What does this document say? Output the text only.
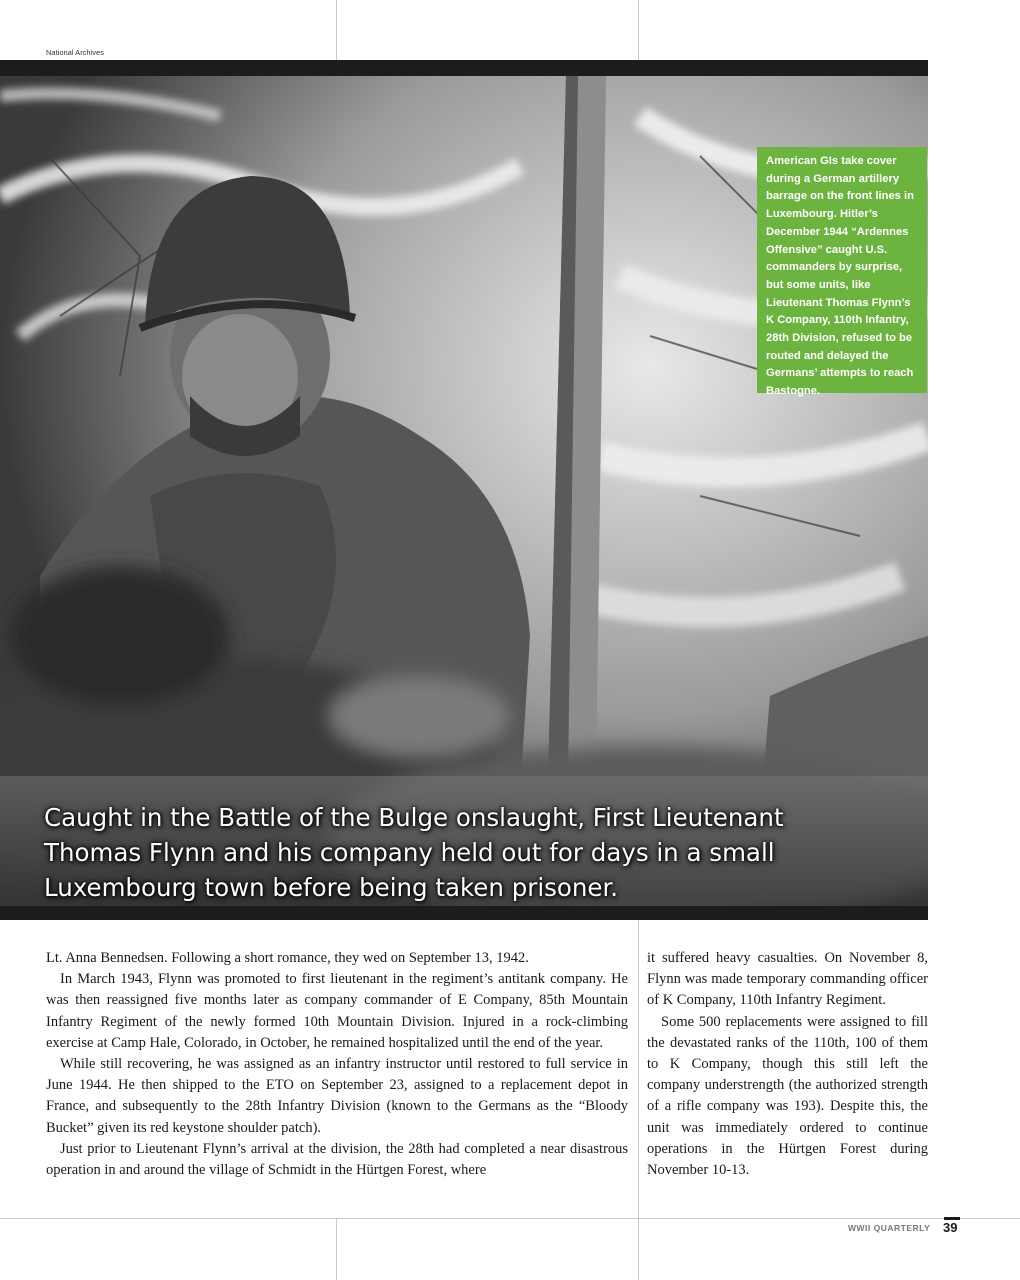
National Archives
American GIs take cover during a German artillery barrage on the front lines in Luxembourg. Hitler’s December 1944 “Ardennes Offensive” caught U.S. commanders by surprise, but some units, like Lieutenant Thomas Flynn’s K Company, 110th Infantry, 28th Division, refused to be routed and delayed the Germans’ attempts to reach Bastogne.
Caught in the Battle of the Bulge onslaught, First Lieutenant Thomas Flynn and his company held out for days in a small Luxembourg town before being taken prisoner.

Lt. Anna Bennedsen. Following a short romance, they wed on September 13, 1942.

In March 1943, Flynn was promoted to first lieutenant in the regiment’s antitank company. He was then reassigned five months later as company commander of E Company, 85th Mountain Infantry Regiment of the newly formed 10th Mountain Division. Injured in a rock-climbing exercise at Camp Hale, Colorado, in October, he remained hospitalized until the end of the year.

While still recovering, he was assigned as an infantry instructor until restored to full service in June 1944. He then shipped to the ETO on September 23, assigned to a replacement depot in France, and subsequently to the 28th Infantry Division (known to the Germans as the “Bloody Bucket” given its red keystone shoulder patch).

Just prior to Lieutenant Flynn’s arrival at the division, the 28th had completed a near disastrous operation in and around the village of Schmidt in the Hürtgen Forest, where

it suffered heavy casualties. On November 8, Flynn was made temporary commanding officer of K Company, 110th Infantry Regiment.

Some 500 replacements were assigned to fill the devastated ranks of the 110th, 100 of them to K Company, though this still left the company understrength (the authorized strength of a rifle company was 193). Despite this, the unit was immediately ordered to continue operations in the Hürtgen Forest during November 10-13.

WWII QUARTERLY 39
